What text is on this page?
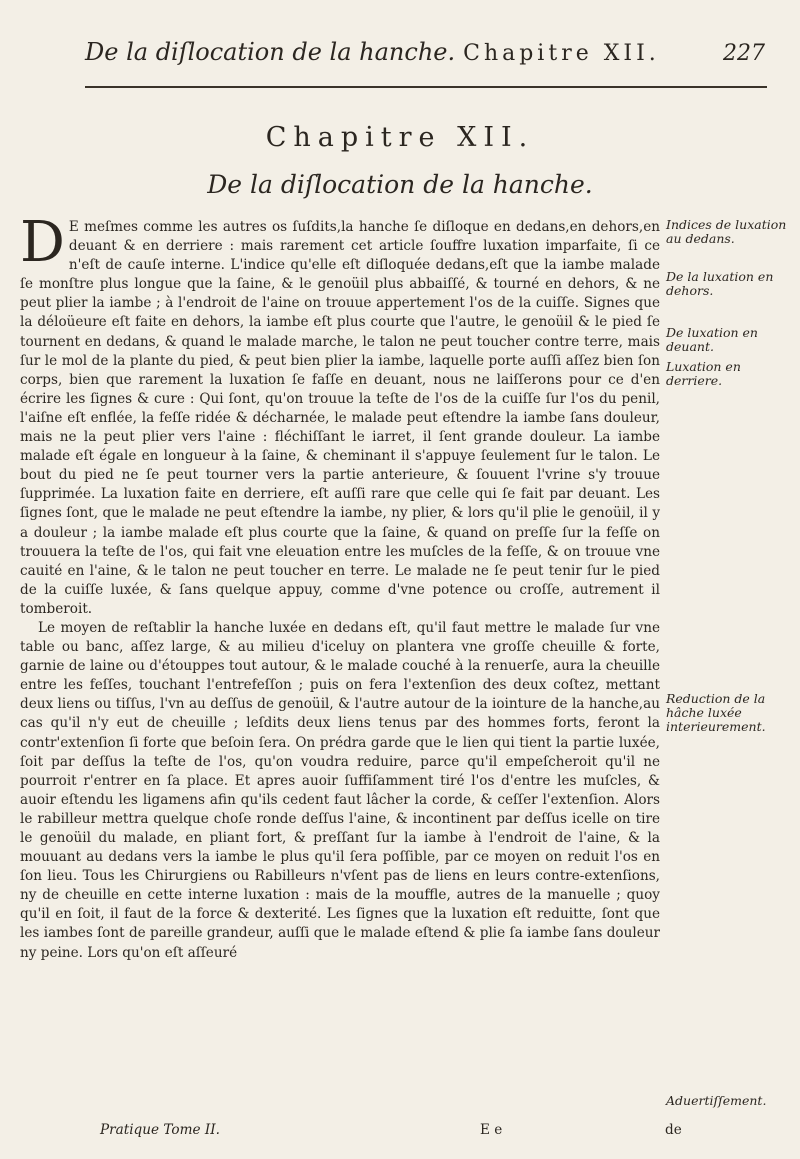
De la diſlocation de la hanche. Chapitre XII.	227
Chapitre XII.
De la diſlocation de la hanche.

D E meſmes comme les autres os ſuſdits,la hanche ſe diſloque en dedans,en dehors,en deuant & en derriere : mais rarement cet article ſouffre luxation imparfaite, ſi ce n'eſt de cauſe interne. L'indice qu'elle eſt diſloquée dedans,eſt que la iambe malade ſe monſtre plus longue que la ſaine, & le genoüil plus abbaiſſé, & tourné en dehors, & ne peut plier la iambe ; à l'endroit de l'aine on trouue appertement l'os de la cuiſſe. Signes que la déloüeure eſt faite en dehors, la iambe eſt plus courte que l'autre, le genoüil & le pied ſe tournent en dedans, & quand le malade marche, le talon ne peut toucher contre terre, mais ſur le mol de la plante du pied, & peut bien plier la iambe, laquelle porte auſſi aſſez bien ſon corps, bien que rarement la luxation ſe faſſe en deuant, nous ne laiſſerons pour ce d'en écrire les ſignes & cure : Qui ſont, qu'on trouue la teſte de l'os de la cuiſſe ſur l'os du penil, l'aiſne eſt enflée, la feſſe ridée & décharnée, le malade peut eſtendre la iambe ſans douleur, mais ne la peut plier vers l'aine : fléchiſſant le iarret, il ſent grande douleur. La iambe malade eſt égale en longueur à la ſaine, & cheminant il s'appuye ſeulement ſur le talon. Le bout du pied ne ſe peut tourner vers la partie anterieure, & ſouuent l'vrine s'y trouue ſupprimée. La luxation faite en derriere, eſt auſſi rare que celle qui ſe fait par deuant. Les ſignes ſont, que le malade ne peut eſtendre la iambe, ny plier, & lors qu'il plie le genoüil, il y a douleur ; la iambe malade eſt plus courte que la ſaine, & quand on preſſe ſur la feſſe on trouuera la teſte de l'os, qui fait vne eleuation entre les muſcles de la feſſe, & on trouue vne cauité en l'aine, & le talon ne peut toucher en terre. Le malade ne ſe peut tenir ſur le pied de la cuiſſe luxée, & ſans quelque appuy, comme d'vne potence ou croſſe, autrement il tomberoit.

Le moyen de reſtablir la hanche luxée en dedans eſt, qu'il faut mettre le malade ſur vne table ou banc, aſſez large, & au milieu d'iceluy on plantera vne groſſe cheuille & forte, garnie de laine ou d'étouppes tout autour, & le malade couché à la renuerſe, aura la cheuille entre les feſſes, touchant l'entrefeſſon ; puis on fera l'extenſion des deux coſtez, mettant deux liens ou tiſſus, l'vn au deſſus de genoüil, & l'autre autour de la iointure de la hanche,au cas qu'il n'y eut de cheuille ; leſdits deux liens tenus par des hommes forts, feront la contr'extenſion ſi forte que beſoin ſera. On prédra garde que le lien qui tient la partie luxée, ſoit par deſſus la teſte de l'os, qu'on voudra reduire, parce qu'il empeſcheroit qu'il ne pourroit r'entrer en ſa place. Et apres auoir ſuffiſamment tiré l'os d'entre les muſcles, & auoir eſtendu les ligamens afin qu'ils cedent faut lâcher la corde, & ceſſer l'extenſion. Alors le rabilleur mettra quelque choſe ronde deſſus l'aine, & incontinent par deſſus icelle on tire le genoüil du malade, en pliant fort, & preſſant ſur la iambe à l'endroit de l'aine, & la mouuant au dedans vers la iambe le plus qu'il ſera poſſible, par ce moyen on reduit l'os en ſon lieu. Tous les Chirurgiens ou Rabilleurs n'vſent pas de liens en leurs contre-extenſions, ny de cheuille en cette interne luxation : mais de la mouffle, autres de la manuelle ; quoy qu'il en ſoit, il faut de la force & dexterité. Les ſignes que la luxation eſt reduitte, ſont que les iambes ſont de pareille grandeur, auſſi que le malade eſtend & plie ſa iambe ſans douleur ny peine. Lors qu'on eſt aſſeuré

Indices de luxation au dedans.
De la luxation en dehors.
De luxation en deuant.
Luxation en derriere.
Reduction de la hâche luxée interieurement.
Aduertiſſement.
Pratique Tome II.	E e	de
